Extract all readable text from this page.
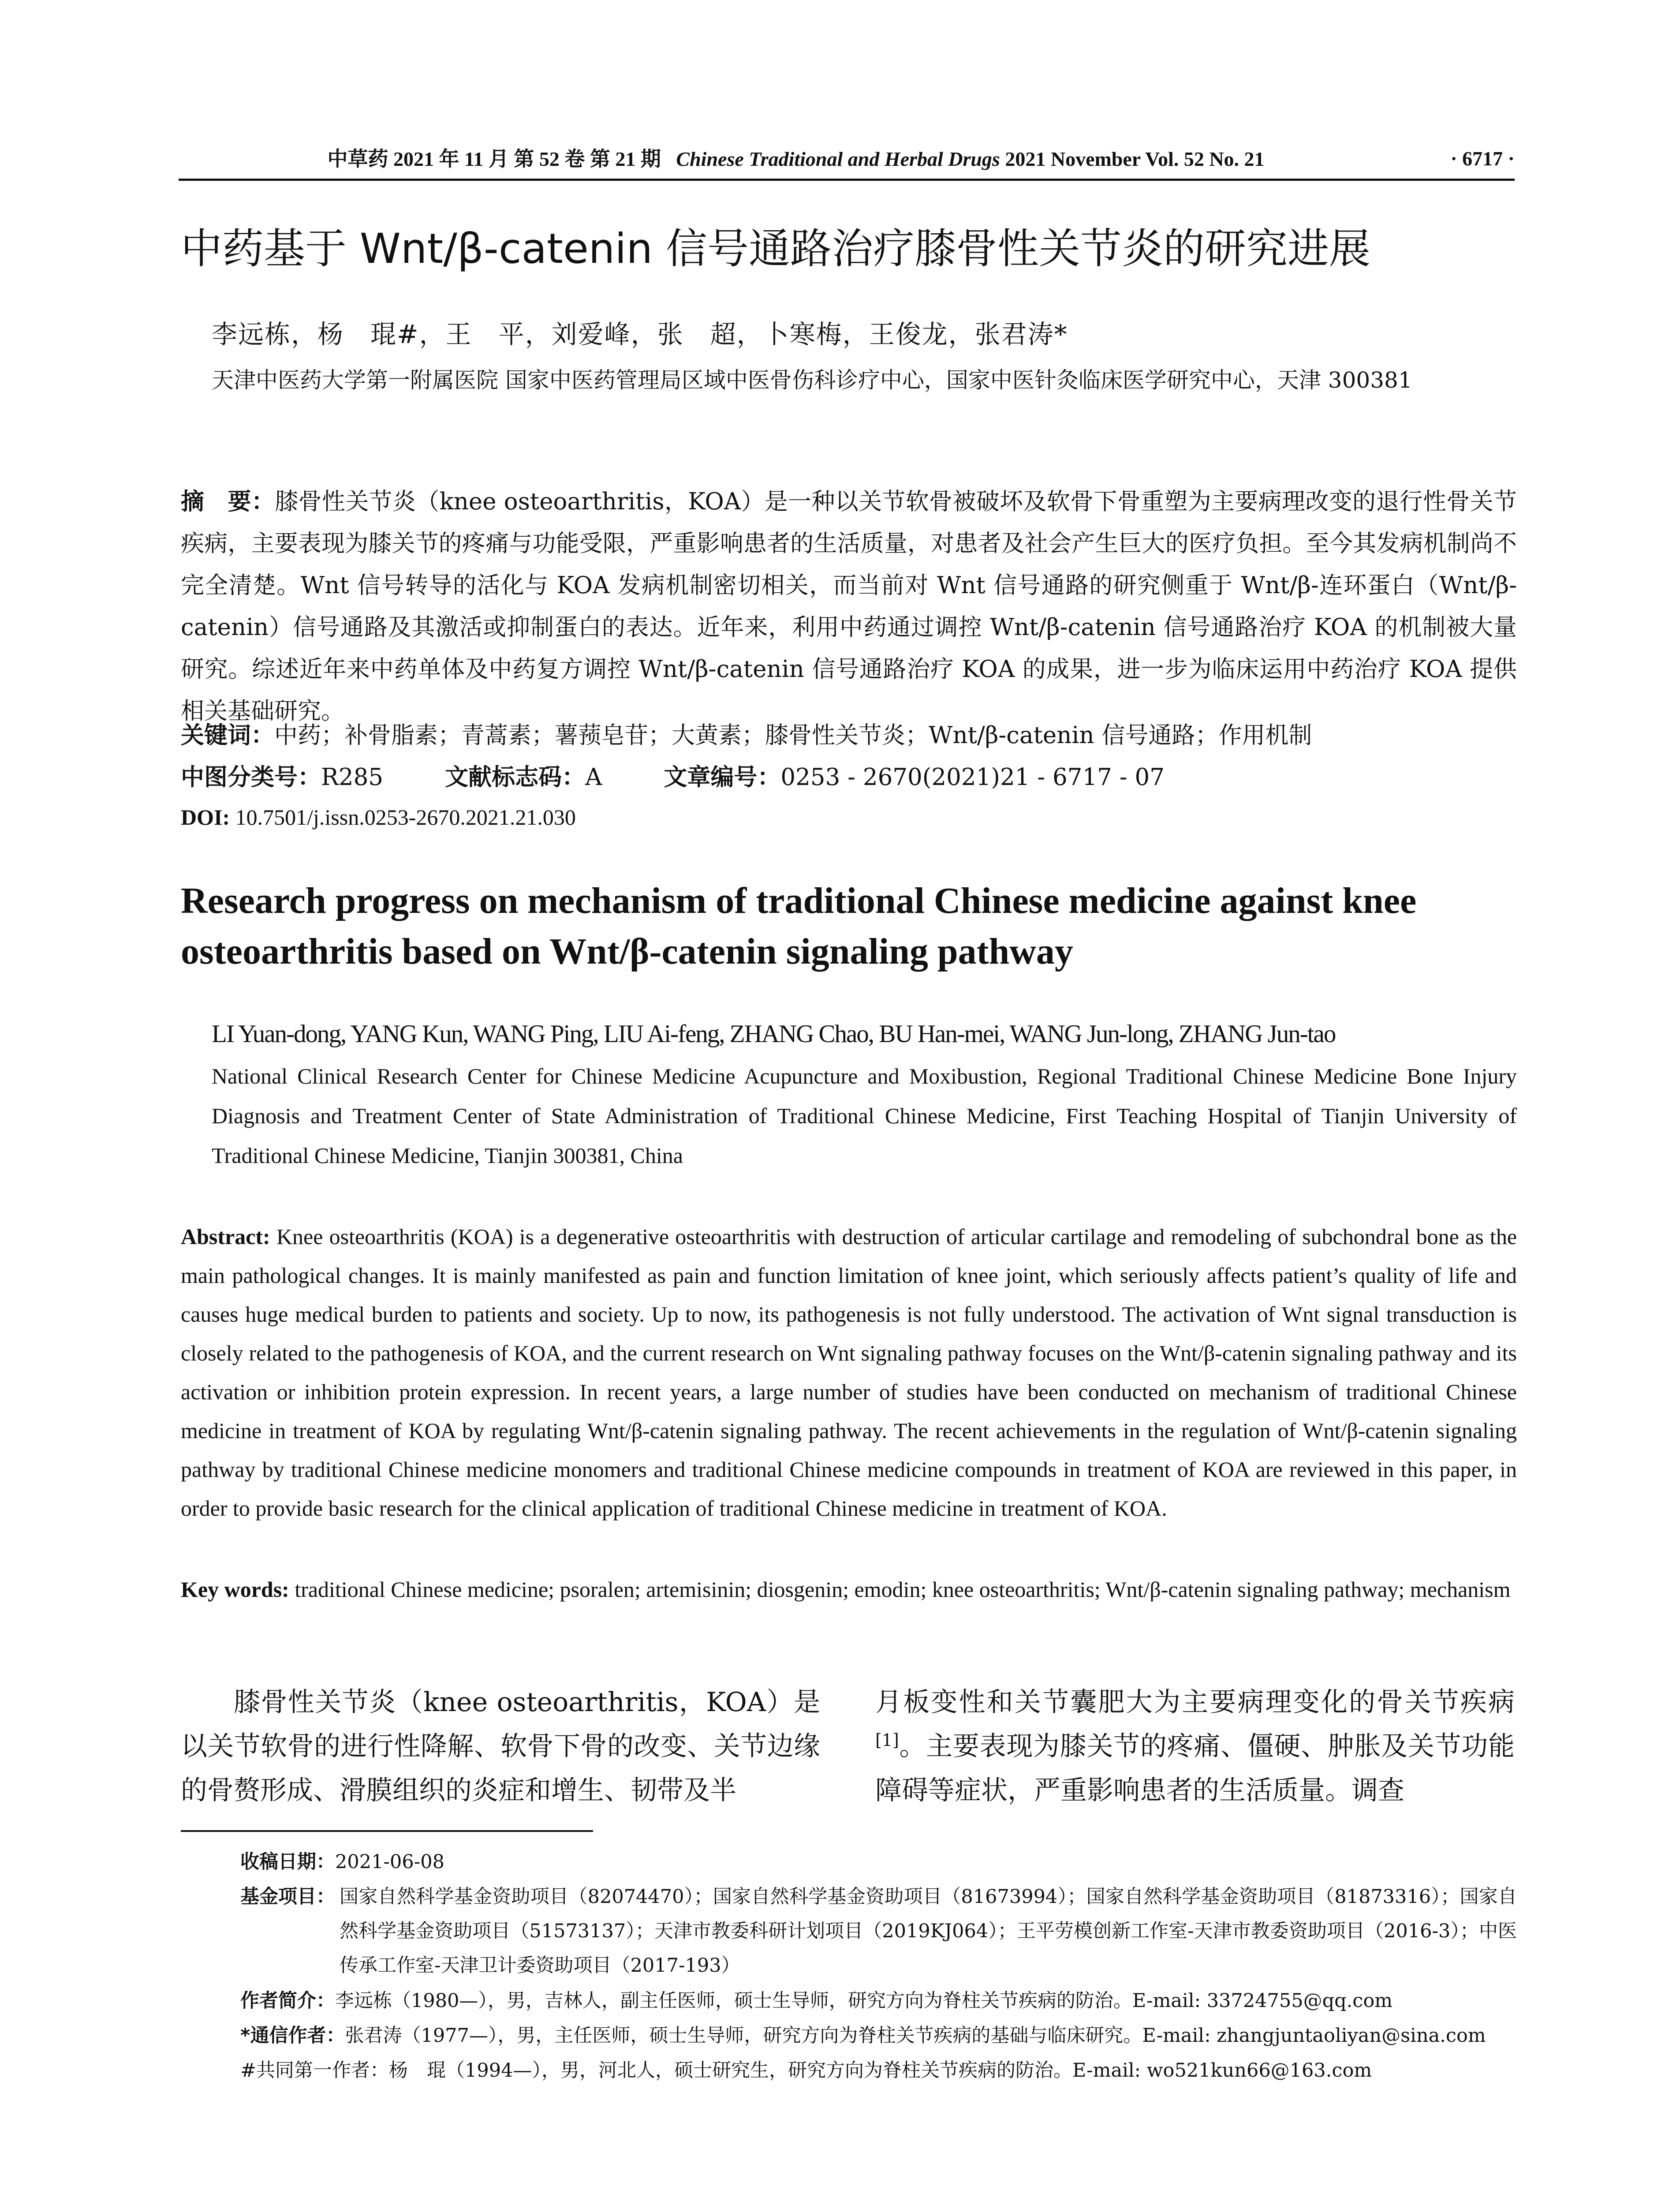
中草药 2021 年 11 月 第 52 卷 第 21 期 Chinese Traditional and Herbal Drugs 2021 November Vol. 52 No. 21	· 6717 ·
中药基于 Wnt/β-catenin 信号通路治疗膝骨性关节炎的研究进展
李远栋，杨　琨#，王　平，刘爱峰，张　超，卜寒梅，王俊龙，张君涛*
天津中医药大学第一附属医院 国家中医药管理局区域中医骨伤科诊疗中心，国家中医针灸临床医学研究中心，天津 300381
摘　要：膝骨性关节炎（knee osteoarthritis，KOA）是一种以关节软骨被破坏及软骨下骨重塑为主要病理改变的退行性骨关节疾病，主要表现为膝关节的疼痛与功能受限，严重影响患者的生活质量，对患者及社会产生巨大的医疗负担。至今其发病机制尚不完全清楚。Wnt 信号转导的活化与 KOA 发病机制密切相关，而当前对 Wnt 信号通路的研究侧重于 Wnt/β-连环蛋白（Wnt/β-catenin）信号通路及其激活或抑制蛋白的表达。近年来，利用中药通过调控 Wnt/β-catenin 信号通路治疗 KOA 的机制被大量研究。综述近年来中药单体及中药复方调控 Wnt/β-catenin 信号通路治疗 KOA 的成果，进一步为临床运用中药治疗 KOA 提供相关基础研究。
关键词：中药；补骨脂素；青蒿素；薯蓣皂苷；大黄素；膝骨性关节炎；Wnt/β-catenin 信号通路；作用机制
中图分类号：R285	文献标志码：A	文章编号：0253 - 2670(2021)21 - 6717 - 07
DOI: 10.7501/j.issn.0253-2670.2021.21.030
Research progress on mechanism of traditional Chinese medicine against knee osteoarthritis based on Wnt/β-catenin signaling pathway
LI Yuan-dong, YANG Kun, WANG Ping, LIU Ai-feng, ZHANG Chao, BU Han-mei, WANG Jun-long, ZHANG Jun-tao
National Clinical Research Center for Chinese Medicine Acupuncture and Moxibustion, Regional Traditional Chinese Medicine Bone Injury Diagnosis and Treatment Center of State Administration of Traditional Chinese Medicine, First Teaching Hospital of Tianjin University of Traditional Chinese Medicine, Tianjin 300381, China
Abstract: Knee osteoarthritis (KOA) is a degenerative osteoarthritis with destruction of articular cartilage and remodeling of subchondral bone as the main pathological changes. It is mainly manifested as pain and function limitation of knee joint, which seriously affects patient’s quality of life and causes huge medical burden to patients and society. Up to now, its pathogenesis is not fully understood. The activation of Wnt signal transduction is closely related to the pathogenesis of KOA, and the current research on Wnt signaling pathway focuses on the Wnt/β-catenin signaling pathway and its activation or inhibition protein expression. In recent years, a large number of studies have been conducted on mechanism of traditional Chinese medicine in treatment of KOA by regulating Wnt/β-catenin signaling pathway. The recent achievements in the regulation of Wnt/β-catenin signaling pathway by traditional Chinese medicine monomers and traditional Chinese medicine compounds in treatment of KOA are reviewed in this paper, in order to provide basic research for the clinical application of traditional Chinese medicine in treatment of KOA.
Key words: traditional Chinese medicine; psoralen; artemisinin; diosgenin; emodin; knee osteoarthritis; Wnt/β-catenin signaling pathway; mechanism
膝骨性关节炎（knee osteoarthritis，KOA）是以关节软骨的进行性降解、软骨下骨的改变、关节边缘的骨赘形成、滑膜组织的炎症和增生、韧带及半
月板变性和关节囊肥大为主要病理变化的骨关节疾病[1]。主要表现为膝关节的疼痛、僵硬、肿胀及关节功能障碍等症状，严重影响患者的生活质量。调查
收稿日期：2021-06-08
基金项目： 国家自然科学基金资助项目（82074470）；国家自然科学基金资助项目（81673994）；国家自然科学基金资助项目（81873316）；国家自然科学基金资助项目（51573137）；天津市教委科研计划项目（2019KJ064）；王平劳模创新工作室-天津市教委资助项目（2016-3）；中医传承工作室-天津卫计委资助项目（2017-193）
作者简介：李远栋（1980—），男，吉林人，副主任医师，硕士生导师，研究方向为脊柱关节疾病的防治。E-mail: 33724755@qq.com
*通信作者：张君涛（1977—），男，主任医师，硕士生导师，研究方向为脊柱关节疾病的基础与临床研究。E-mail: zhangjuntaoliyan@sina.com
#共同第一作者：杨　琨（1994—），男，河北人，硕士研究生，研究方向为脊柱关节疾病的防治。E-mail: wo521kun66@163.com
